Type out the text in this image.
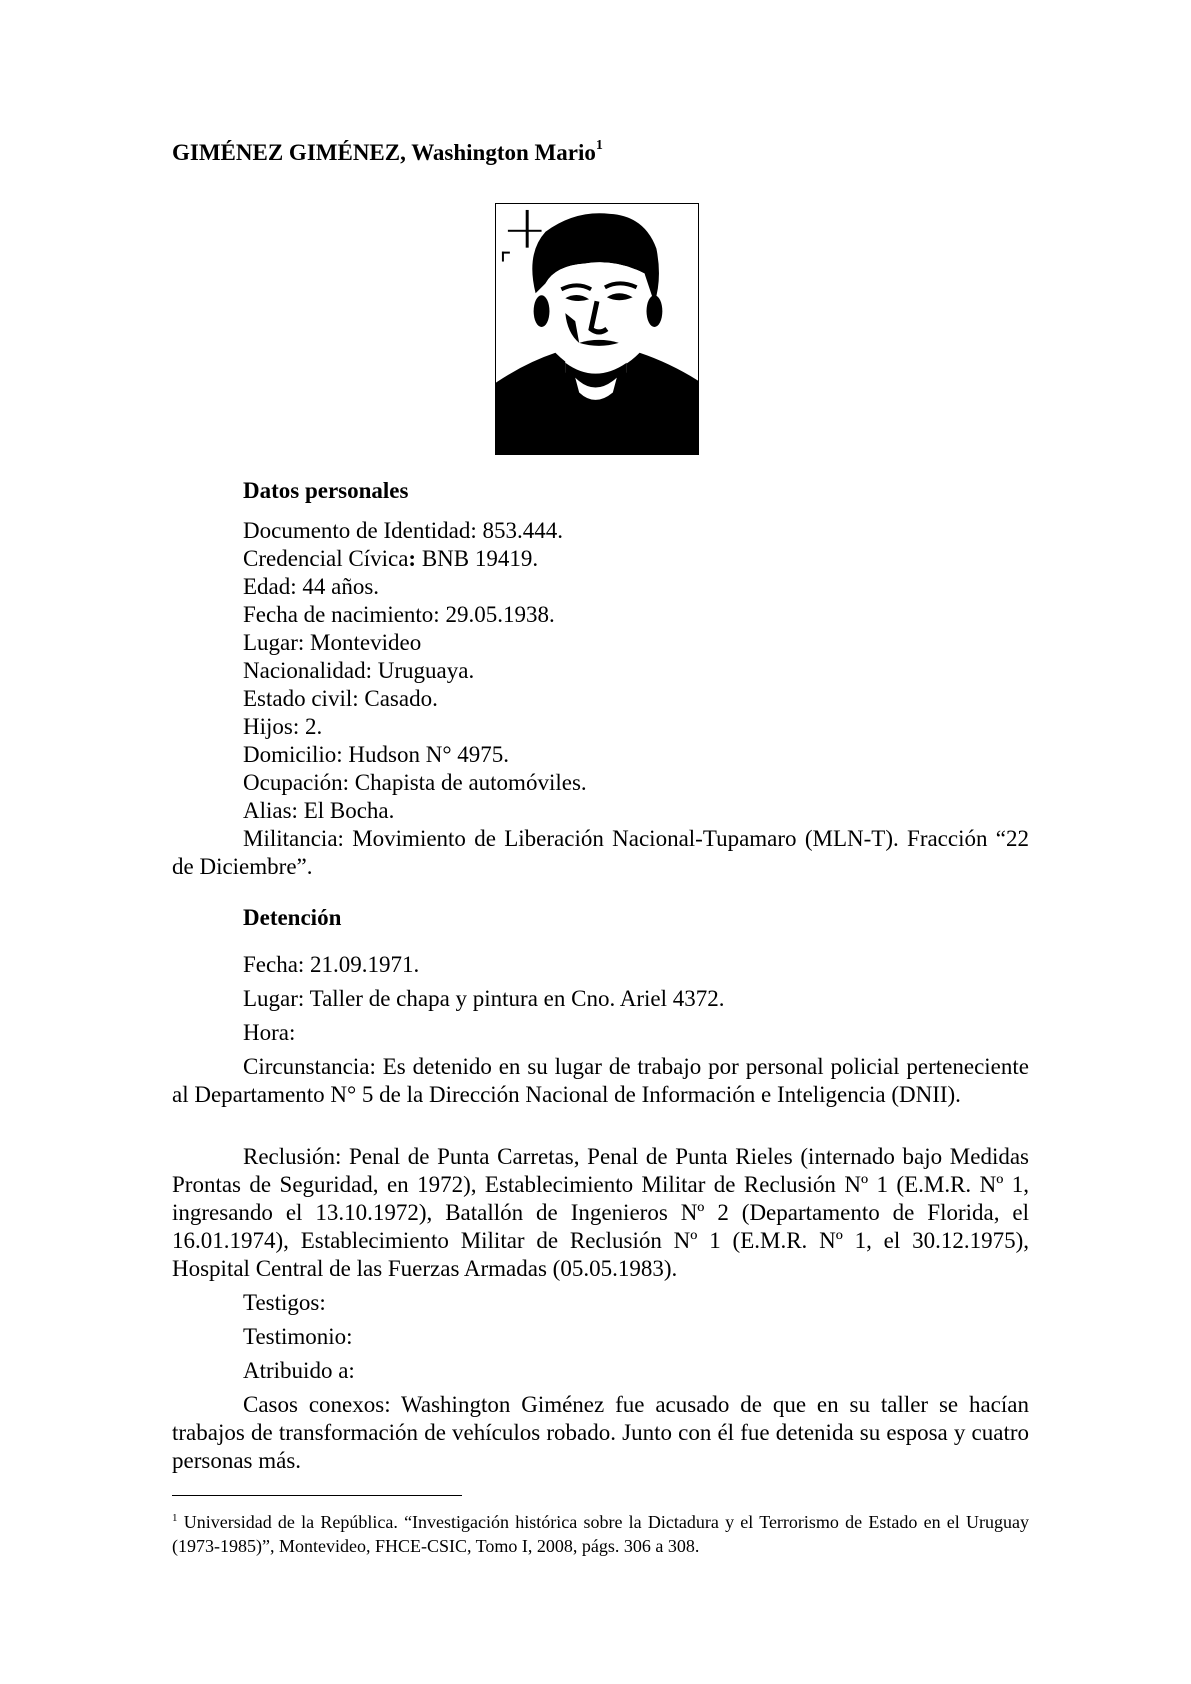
GIMÉNEZ GIMÉNEZ, Washington Mario$^1$
Datos personales
Documento de Identidad: 853.444.
Credencial Cívica: BNB 19419.
Edad: 44 años.
Fecha de nacimiento: 29.05.1938.
Lugar: Montevideo
Nacionalidad: Uruguaya.
Estado civil: Casado.
Hijos: 2.
Domicilio: Hudson N° 4975.
Ocupación: Chapista de automóviles.
Alias: El Bocha.

Militancia: Movimiento de Liberación Nacional-Tupamaro (MLN-T). Fracción “22 de Diciembre”.

Detención
Fecha: 21.09.1971.
Lugar: Taller de chapa y pintura en Cno. Ariel 4372.
Hora:

Circunstancia: Es detenido en su lugar de trabajo por personal policial perteneciente al Departamento N° 5 de la Dirección Nacional de Información e Inteligencia (DNII).

Reclusión: Penal de Punta Carretas, Penal de Punta Rieles (internado bajo Medidas Prontas de Seguridad, en 1972), Establecimiento Militar de Reclusión Nº 1 (E.M.R. Nº 1, ingresando el 13.10.1972), Batallón de Ingenieros Nº 2 (Departamento de Florida, el 16.01.1974), Establecimiento Militar de Reclusión Nº 1 (E.M.R. Nº 1, el 30.12.1975), Hospital Central de las Fuerzas Armadas (05.05.1983).

Testigos:
Testimonio:
Atribuido a:

Casos conexos: Washington Giménez fue acusado de que en su taller se hacían trabajos de transformación de vehículos robado. Junto con él fue detenida su esposa y cuatro personas más.

$^1$ Universidad de la República. “Investigación histórica sobre la Dictadura y el Terrorismo de Estado en el Uruguay (1973-1985)”, Montevideo, FHCE-CSIC, Tomo I, 2008, págs. 306 a 308.
